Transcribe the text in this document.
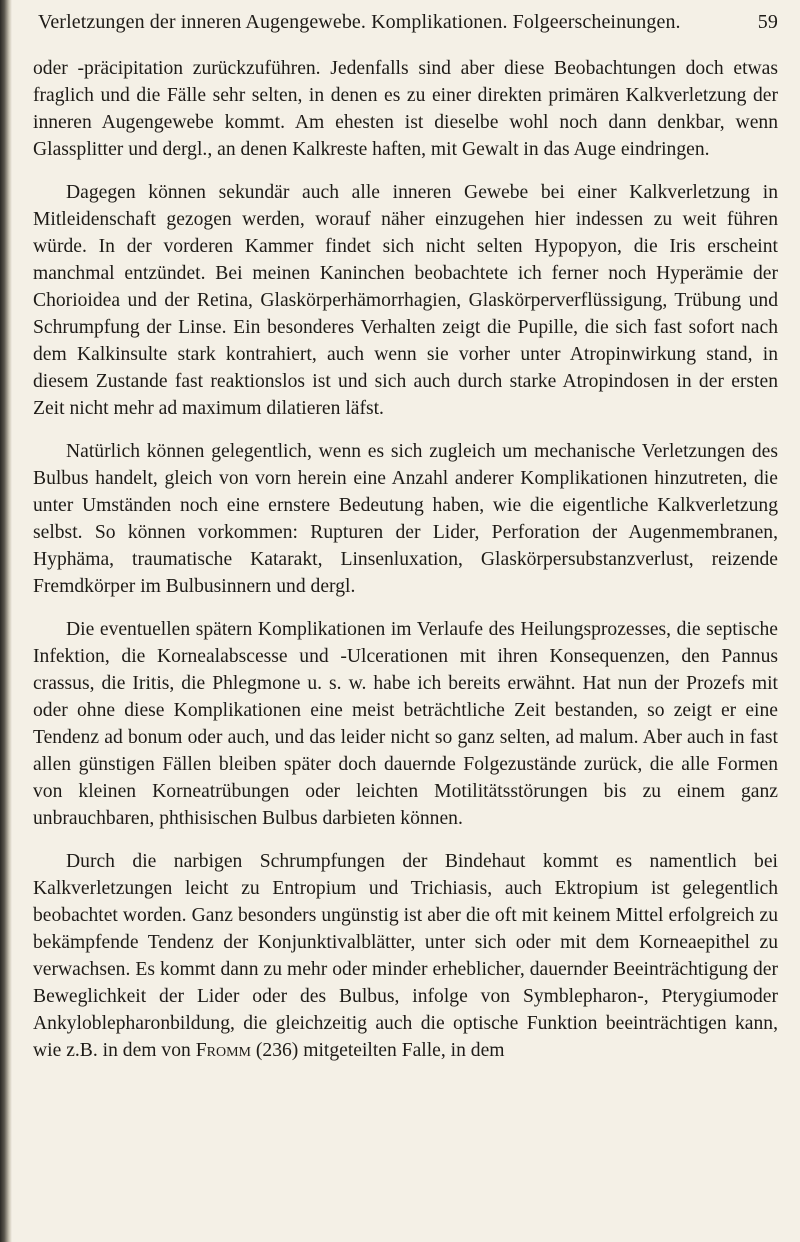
Verletzungen der inneren Augengewebe. Komplikationen. Folgeerscheinungen.	59

oder -präcipitation zurückzuführen. Jedenfalls sind aber diese Beobachtungen doch etwas fraglich und die Fälle sehr selten, in denen es zu einer direkten primären Kalkverletzung der inneren Augengewebe kommt. Am ehesten ist dieselbe wohl noch dann denkbar, wenn Glassplitter und dergl., an denen Kalkreste haften, mit Gewalt in das Auge eindringen.

Dagegen können sekundär auch alle inneren Gewebe bei einer Kalkverletzung in Mitleidenschaft gezogen werden, worauf näher einzugehen hier indessen zu weit führen würde. In der vorderen Kammer findet sich nicht selten Hypopyon, die Iris erscheint manchmal entzündet. Bei meinen Kaninchen beobachtete ich ferner noch Hyperämie der Chorioidea und der Retina, Glaskörperhämorrhagien, Glaskörperverflüssigung, Trübung und Schrumpfung der Linse. Ein besonderes Verhalten zeigt die Pupille, die sich fast sofort nach dem Kalkinsulte stark kontrahiert, auch wenn sie vorher unter Atropinwirkung stand, in diesem Zustande fast reaktionslos ist und sich auch durch starke Atropindosen in der ersten Zeit nicht mehr ad maximum dilatieren läfst.

Natürlich können gelegentlich, wenn es sich zugleich um mechanische Verletzungen des Bulbus handelt, gleich von vorn herein eine Anzahl anderer Komplikationen hinzutreten, die unter Umständen noch eine ernstere Bedeutung haben, wie die eigentliche Kalkverletzung selbst. So können vorkommen: Rupturen der Lider, Perforation der Augenmembranen, Hyphäma, traumatische Katarakt, Linsenluxation, Glaskörpersubstanzverlust, reizende Fremdkörper im Bulbusinnern und dergl.

Die eventuellen spätern Komplikationen im Verlaufe des Heilungsprozesses, die septische Infektion, die Kornealabscesse und -Ulcerationen mit ihren Konsequenzen, den Pannus crassus, die Iritis, die Phlegmone u. s. w. habe ich bereits erwähnt. Hat nun der Prozefs mit oder ohne diese Komplikationen eine meist beträchtliche Zeit bestanden, so zeigt er eine Tendenz ad bonum oder auch, und das leider nicht so ganz selten, ad malum. Aber auch in fast allen günstigen Fällen bleiben später doch dauernde Folgezustände zurück, die alle Formen von kleinen Korneatrübungen oder leichten Motilitätsstörungen bis zu einem ganz unbrauchbaren, phthisischen Bulbus darbieten können.

Durch die narbigen Schrumpfungen der Bindehaut kommt es namentlich bei Kalkverletzungen leicht zu Entropium und Trichiasis, auch Ektropium ist gelegentlich beobachtet worden. Ganz besonders ungünstig ist aber die oft mit keinem Mittel erfolgreich zu bekämpfende Tendenz der Konjunktivalblätter, unter sich oder mit dem Korneaepithel zu verwachsen. Es kommt dann zu mehr oder minder erheblicher, dauernder Beeinträchtigung der Beweglichkeit der Lider oder des Bulbus, infolge von Symblepharon-, Pterygiumoder Ankyloblepharonbildung, die gleichzeitig auch die optische Funktion beeinträchtigen kann, wie z.B. in dem von Fromm (236) mitgeteilten Falle, in dem
